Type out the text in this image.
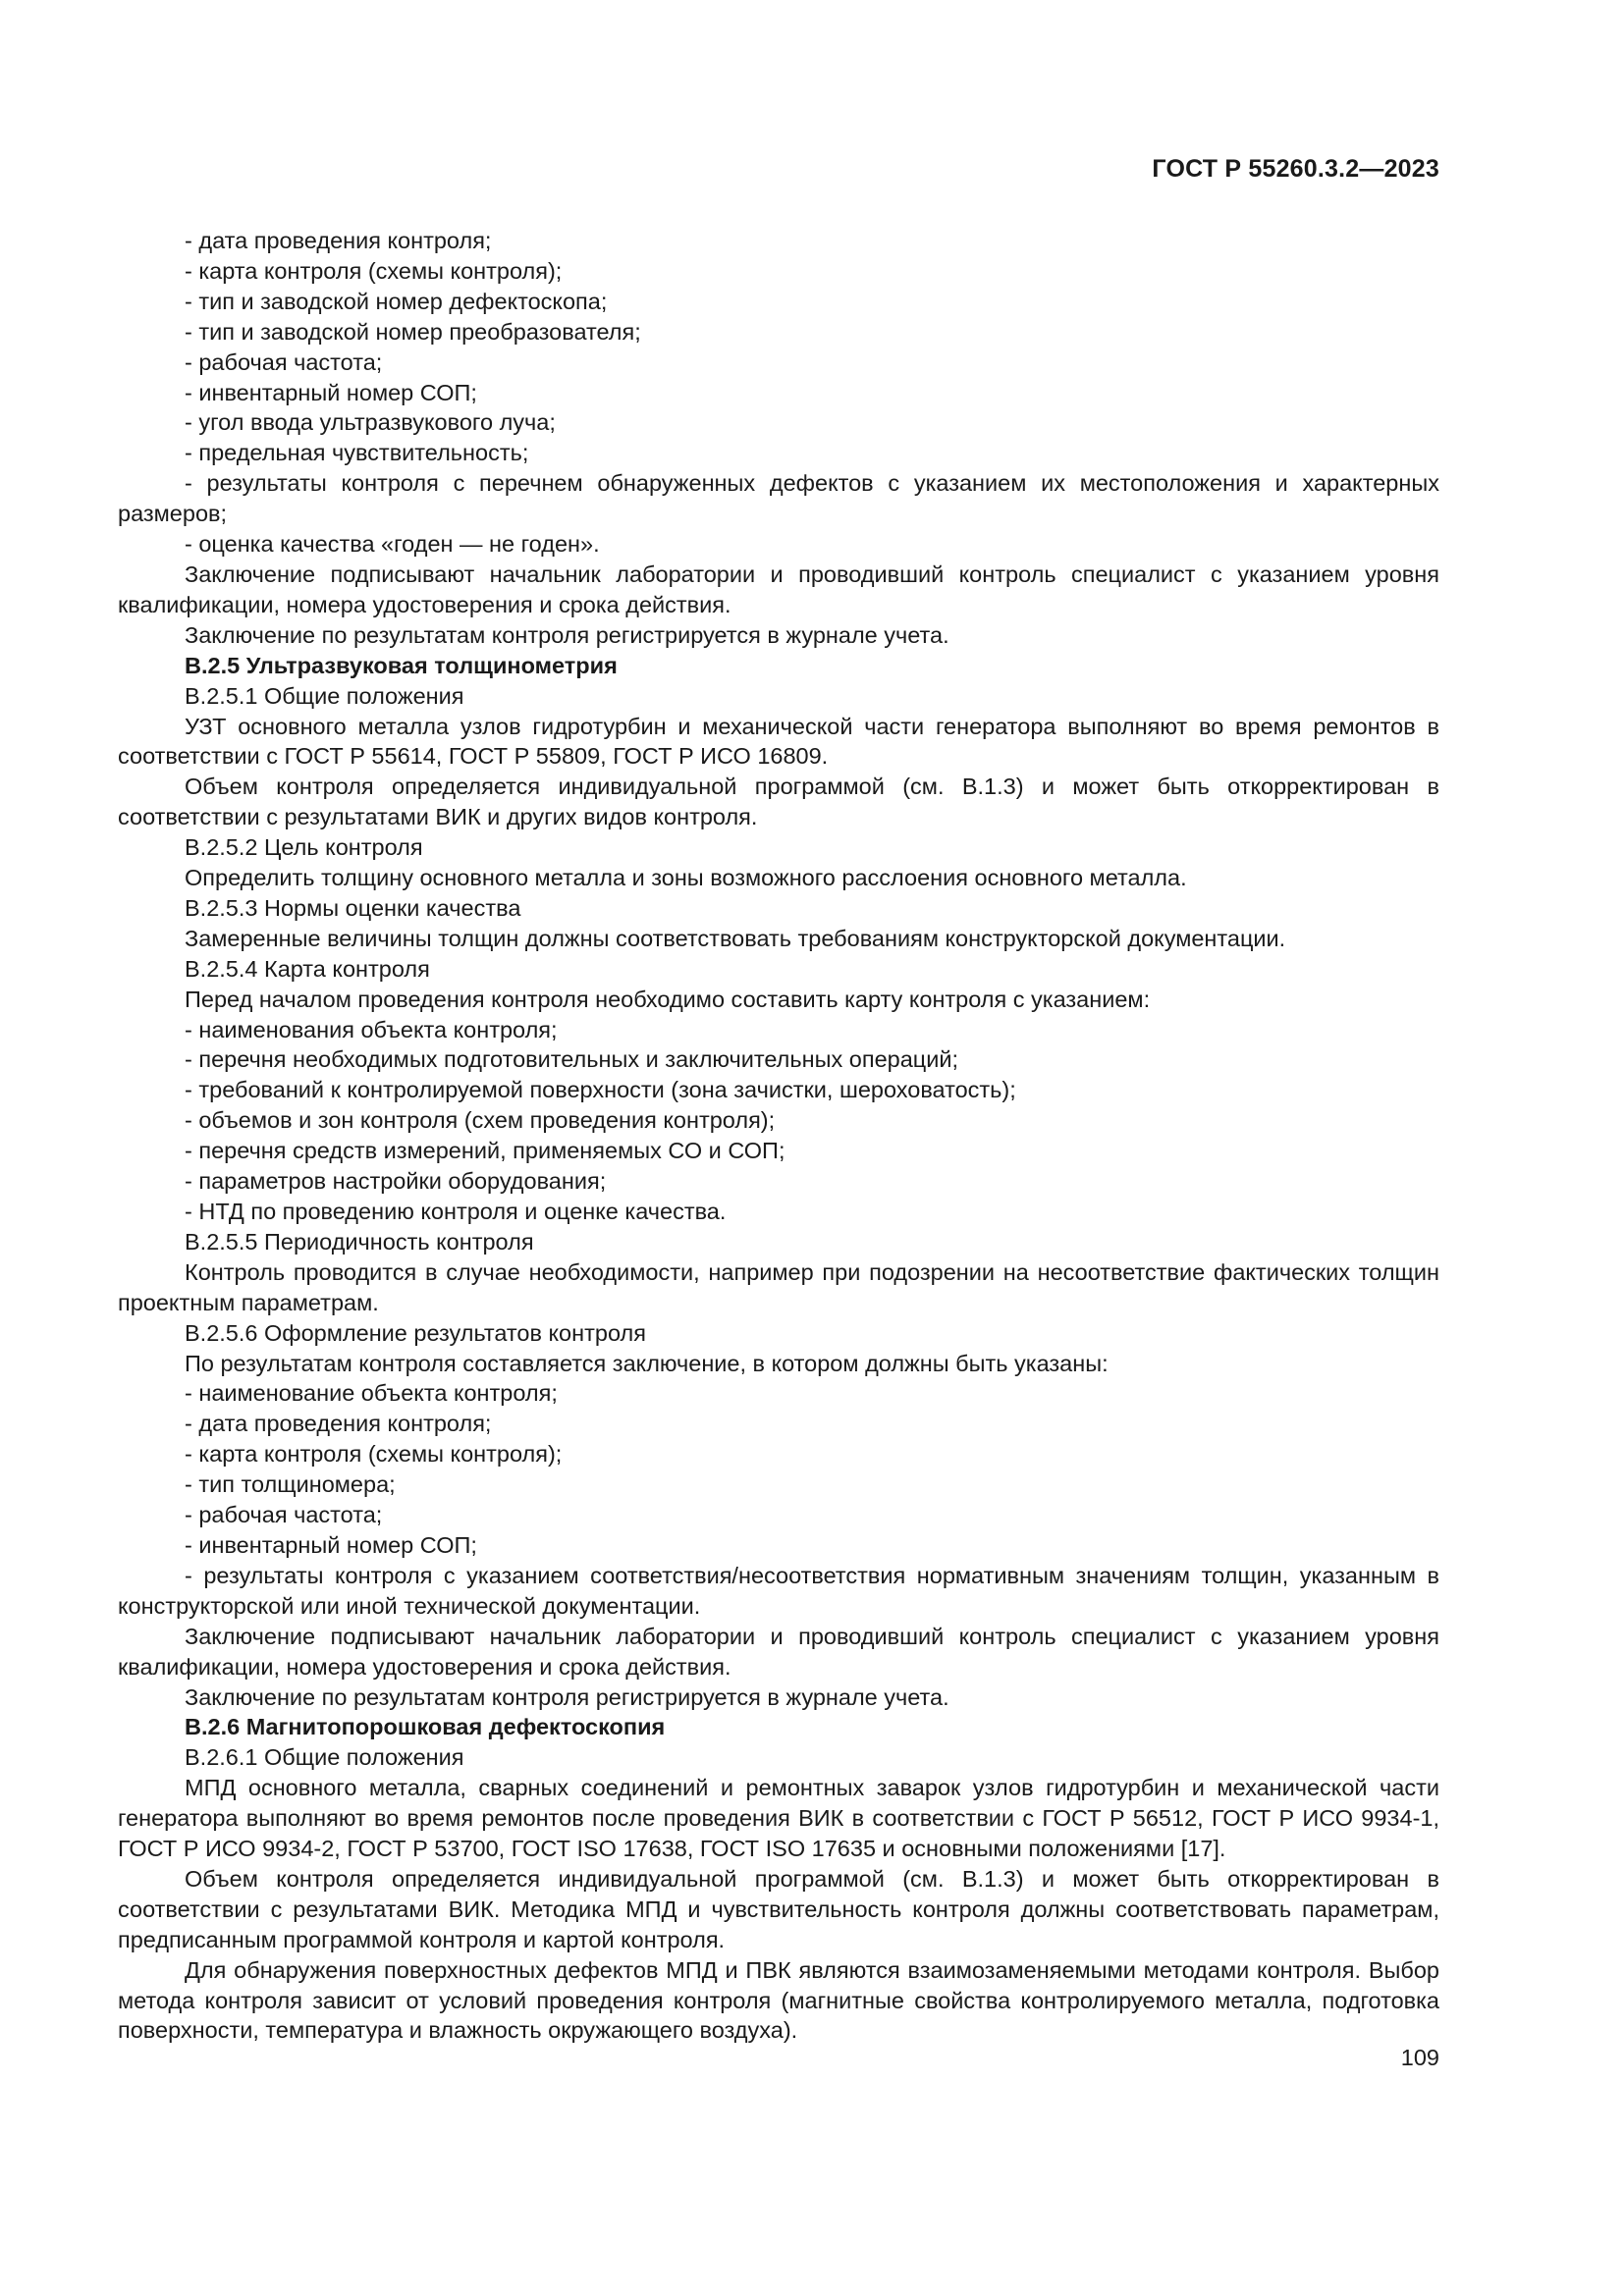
ГОСТ Р 55260.3.2—2023

- дата проведения контроля;

- карта контроля (схемы контроля);

- тип и заводской номер дефектоскопа;

- тип и заводской номер преобразователя;

- рабочая частота;

- инвентарный номер СОП;

- угол ввода ультразвукового луча;

- предельная чувствительность;

- результаты контроля с перечнем обнаруженных дефектов с указанием их местоположения и характерных размеров;

- оценка качества «годен — не годен».

Заключение подписывают начальник лаборатории и проводивший контроль специалист с указанием уровня квалификации, номера удостоверения и срока действия.

Заключение по результатам контроля регистрируется в журнале учета.

В.2.5 Ультразвуковая толщинометрия

В.2.5.1 Общие положения

УЗТ основного металла узлов гидротурбин и механической части генератора выполняют во время ремонтов в соответствии с ГОСТ Р 55614, ГОСТ Р 55809, ГОСТ Р ИСО 16809.

Объем контроля определяется индивидуальной программой (см. В.1.3) и может быть откорректирован в соответствии с результатами ВИК и других видов контроля.

В.2.5.2 Цель контроля

Определить толщину основного металла и зоны возможного расслоения основного металла.

В.2.5.3 Нормы оценки качества

Замеренные величины толщин должны соответствовать требованиям конструкторской документации.

В.2.5.4 Карта контроля

Перед началом проведения контроля необходимо составить карту контроля с указанием:

- наименования объекта контроля;

- перечня необходимых подготовительных и заключительных операций;

- требований к контролируемой поверхности (зона зачистки, шероховатость);

- объемов и зон контроля (схем проведения контроля);

- перечня средств измерений, применяемых СО и СОП;

- параметров настройки оборудования;

- НТД по проведению контроля и оценке качества.

В.2.5.5 Периодичность контроля

Контроль проводится в случае необходимости, например при подозрении на несоответствие фактических толщин проектным параметрам.

В.2.5.6 Оформление результатов контроля

По результатам контроля составляется заключение, в котором должны быть указаны:

- наименование объекта контроля;

- дата проведения контроля;

- карта контроля (схемы контроля);

- тип толщиномера;

- рабочая частота;

- инвентарный номер СОП;

- результаты контроля с указанием соответствия/несоответствия нормативным значениям толщин, указанным в конструкторской или иной технической документации.

Заключение подписывают начальник лаборатории и проводивший контроль специалист с указанием уровня квалификации, номера удостоверения и срока действия.

Заключение по результатам контроля регистрируется в журнале учета.

В.2.6 Магнитопорошковая дефектоскопия

В.2.6.1 Общие положения

МПД основного металла, сварных соединений и ремонтных заварок узлов гидротурбин и механической части генератора выполняют во время ремонтов после проведения ВИК в соответствии с ГОСТ Р 56512, ГОСТ Р ИСО 9934-1, ГОСТ Р ИСО 9934-2, ГОСТ Р 53700, ГОСТ ISO 17638, ГОСТ ISO 17635 и основными положениями [17].

Объем контроля определяется индивидуальной программой (см. В.1.3) и может быть откорректирован в соответствии с результатами ВИК. Методика МПД и чувствительность контроля должны соответствовать параметрам, предписанным программой контроля и картой контроля.

Для обнаружения поверхностных дефектов МПД и ПВК являются взаимозаменяемыми методами контроля. Выбор метода контроля зависит от условий проведения контроля (магнитные свойства контролируемого металла, подготовка поверхности, температура и влажность окружающего воздуха).

109
